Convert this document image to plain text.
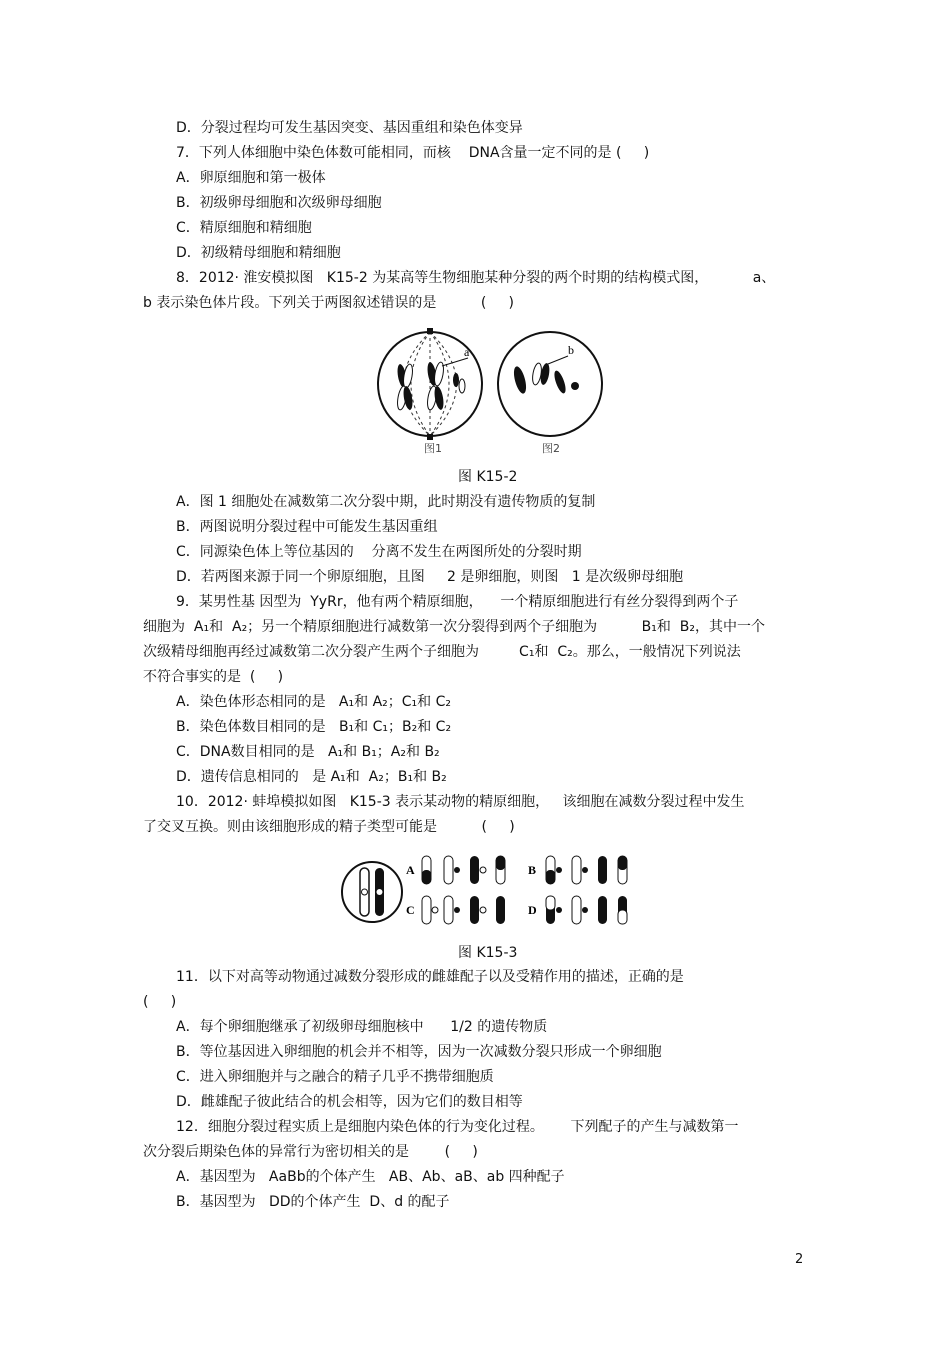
D．分裂过程均可发生基因突变、基因重组和染色体变异
7．下列人体细胞中染色体数可能相同，而核    DNA含量一定不同的是 (     )
A．卵原细胞和第一极体
B．初级卵母细胞和次级卵母细胞
C．精原细胞和精细胞
D．初级精母细胞和精细胞
8．2012· 淮安模拟图   K15-2 为某高等生物细胞某种分裂的两个时期的结构模式图，          a、
b 表示染色体片段。下列关于两图叙述错误的是          (     )
a	b
图1	图2
图 K15-2
A．图 1 细胞处在减数第二次分裂中期，此时期没有遗传物质的复制
B．两图说明分裂过程中可能发生基因重组
C．同源染色体上等位基因的    分离不发生在两图所处的分裂时期
D．若两图来源于同一个卵原细胞，且图     2 是卵细胞，则图   1 是次级卵母细胞
9．某男性基 因型为  YyRr，他有两个精原细胞，    一个精原细胞进行有丝分裂得到两个子
细胞为  A₁和  A₂；另一个精原细胞进行减数第一次分裂得到两个子细胞为          B₁和  B₂，其中一个
次级精母细胞再经过减数第二次分裂产生两个子细胞为         C₁和  C₂。那么，一般情况下列说法
不符合事实的是  (     )
A．染色体形态相同的是   A₁和 A₂；C₁和 C₂
B．染色体数目相同的是   B₁和 C₁；B₂和 C₂
C．DNA数目相同的是   A₁和 B₁；A₂和 B₂
D．遗传信息相同的   是 A₁和  A₂；B₁和 B₂
10．2012· 蚌埠模拟如图   K15-3 表示某动物的精原细胞，   该细胞在减数分裂过程中发生
了交叉互换。则由该细胞形成的精子类型可能是          (     )
A	B
C	D
图 K15-3
11．以下对高等动物通过减数分裂形成的雌雄配子以及受精作用的描述，正确的是
(     )
A．每个卵细胞继承了初级卵母细胞核中      1/2 的遗传物质
B．等位基因进入卵细胞的机会并不相等，因为一次减数分裂只形成一个卵细胞
C．进入卵细胞并与之融合的精子几乎不携带细胞质
D．雌雄配子彼此结合的机会相等，因为它们的数目相等
12．细胞分裂过程实质上是细胞内染色体的行为变化过程。      下列配子的产生与减数第一
次分裂后期染色体的异常行为密切相关的是        (     )
A．基因型为   AaBb的个体产生   AB、Ab、aB、ab 四种配子
B．基因型为   DD的个体产生  D、d 的配子
2
